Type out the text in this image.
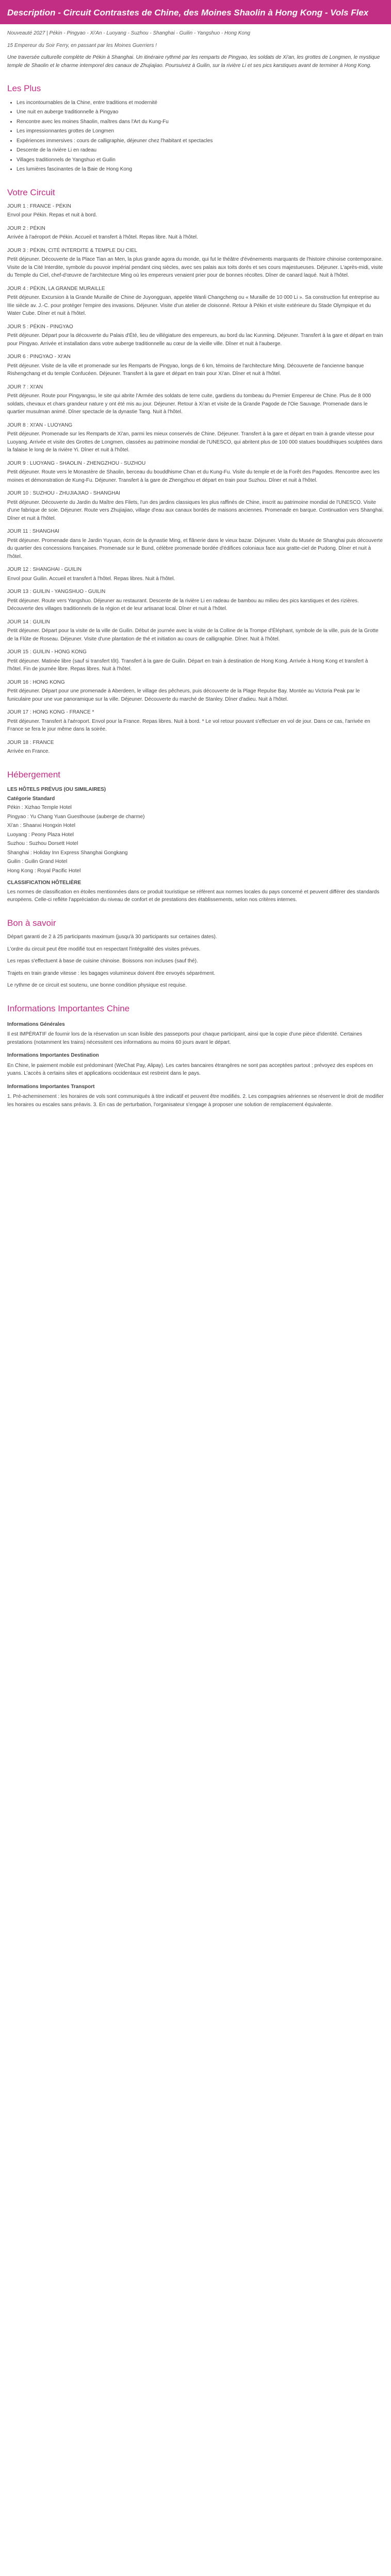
Description - Circuit Contrastes de Chine, des Moines Shaolin à Hong Kong - Vols Flex

Nouveauté 2027 | Pékin - Pingyao - Xi'An - Luoyang - Suzhou - Shanghai - Guilin - Yangshuo - Hong Kong

15 Empereur du Soir Ferry, en passant par les Moines Guerriers !

Une traversée culturelle complète de Pékin à Shanghai. Un itinéraire rythmé par les remparts de Pingyao, les soldats de Xi'an, les grottes de Longmen, le mystique temple de Shaolin et le charme intemporel des canaux de Zhujiajiao. Poursuivez à Guilin, sur la rivière Li et ses pics karstiques avant de terminer à Hong Kong.

Les Plus
• Les incontournables de la Chine, entre traditions et modernité
• Une nuit en auberge traditionnelle à Pingyao
• Rencontre avec les moines Shaolin, maîtres dans l'Art du Kung-Fu
• Les impressionnantes grottes de Longmen
• Expériences immersives : cours de calligraphie, déjeuner chez l'habitant et spectacles
• Descente de la rivière Li en radeau
• Villages traditionnels de Yangshuo et Guilin
• Les lumières fascinantes de la Baie de Hong Kong
Votre Circuit
JOUR 1 : FRANCE - PÉKIN

Envol pour Pékin. Repas et nuit à bord.

JOUR 2 : PÉKIN

Arrivée à l'aéroport de Pékin. Accueil et transfert à l'hôtel. Repas libre. Nuit à l'hôtel.

JOUR 3 : PÉKIN, CITÉ INTERDITE & TEMPLE DU CIEL

Petit déjeuner. Découverte de la Place Tian an Men, la plus grande agora du monde, qui fut le théâtre d'événements marquants de l'histoire chinoise contemporaine. Visite de la Cité Interdite, symbole du pouvoir impérial pendant cinq siècles, avec ses palais aux toits dorés et ses cours majestueuses. Déjeuner. L'après-midi, visite du Temple du Ciel, chef-d'œuvre de l'architecture Ming où les empereurs venaient prier pour de bonnes récoltes. Dîner de canard laqué. Nuit à l'hôtel.

JOUR 4 : PÉKIN, LA GRANDE MURAILLE

Petit déjeuner. Excursion à la Grande Muraille de Chine de Juyongguan, appelée Wanli Changcheng ou « Muraille de 10 000 Li ». Sa construction fut entreprise au IIIe siècle av. J.-C. pour protéger l'empire des invasions. Déjeuner. Visite d'un atelier de cloisonné. Retour à Pékin et visite extérieure du Stade Olympique et du Water Cube. Dîner et nuit à l'hôtel.

JOUR 5 : PÉKIN - PINGYAO

Petit déjeuner. Départ pour la découverte du Palais d'Été, lieu de villégiature des empereurs, au bord du lac Kunming. Déjeuner. Transfert à la gare et départ en train pour Pingyao. Arrivée et installation dans votre auberge traditionnelle au cœur de la vieille ville. Dîner et nuit à l'auberge.

JOUR 6 : PINGYAO - XI'AN

Petit déjeuner. Visite de la ville et promenade sur les Remparts de Pingyao, longs de 6 km, témoins de l'architecture Ming. Découverte de l'ancienne banque Rishengchang et du temple Confucéen. Déjeuner. Transfert à la gare et départ en train pour Xi'an. Dîner et nuit à l'hôtel.

JOUR 7 : XI'AN

Petit déjeuner. Route pour Pingyangsu, le site qui abrite l'Armée des soldats de terre cuite, gardiens du tombeau du Premier Empereur de Chine. Plus de 8 000 soldats, chevaux et chars grandeur nature y ont été mis au jour. Déjeuner. Retour à Xi'an et visite de la Grande Pagode de l'Oie Sauvage. Promenade dans le quartier musulman animé. Dîner spectacle de la dynastie Tang. Nuit à l'hôtel.

JOUR 8 : XI'AN - LUOYANG

Petit déjeuner. Promenade sur les Remparts de Xi'an, parmi les mieux conservés de Chine. Déjeuner. Transfert à la gare et départ en train à grande vitesse pour Luoyang. Arrivée et visite des Grottes de Longmen, classées au patrimoine mondial de l'UNESCO, qui abritent plus de 100 000 statues bouddhiques sculptées dans la falaise le long de la rivière Yi. Dîner et nuit à l'hôtel.

JOUR 9 : LUOYANG - SHAOLIN - ZHENGZHOU - SUZHOU

Petit déjeuner. Route vers le Monastère de Shaolin, berceau du bouddhisme Chan et du Kung-Fu. Visite du temple et de la Forêt des Pagodes. Rencontre avec les moines et démonstration de Kung-Fu. Déjeuner. Transfert à la gare de Zhengzhou et départ en train pour Suzhou. Dîner et nuit à l'hôtel.

JOUR 10 : SUZHOU - ZHUJIAJIAO - SHANGHAI

Petit déjeuner. Découverte du Jardin du Maître des Filets, l'un des jardins classiques les plus raffinés de Chine, inscrit au patrimoine mondial de l'UNESCO. Visite d'une fabrique de soie. Déjeuner. Route vers Zhujiajiao, village d'eau aux canaux bordés de maisons anciennes. Promenade en barque. Continuation vers Shanghai. Dîner et nuit à l'hôtel.

JOUR 11 : SHANGHAI

Petit déjeuner. Promenade dans le Jardin Yuyuan, écrin de la dynastie Ming, et flânerie dans le vieux bazar. Déjeuner. Visite du Musée de Shanghai puis découverte du quartier des concessions françaises. Promenade sur le Bund, célèbre promenade bordée d'édifices coloniaux face aux gratte-ciel de Pudong. Dîner et nuit à l'hôtel.

JOUR 12 : SHANGHAI - GUILIN

Envol pour Guilin. Accueil et transfert à l'hôtel. Repas libres. Nuit à l'hôtel.

JOUR 13 : GUILIN - YANGSHUO - GUILIN

Petit déjeuner. Route vers Yangshuo. Déjeuner au restaurant. Descente de la rivière Li en radeau de bambou au milieu des pics karstiques et des rizières. Découverte des villages traditionnels de la région et de leur artisanat local. Dîner et nuit à l'hôtel.

JOUR 14 : GUILIN

Petit déjeuner. Départ pour la visite de la ville de Guilin. Début de journée avec la visite de la Colline de la Trompe d'Éléphant, symbole de la ville, puis de la Grotte de la Flûte de Roseau. Déjeuner. Visite d'une plantation de thé et initiation au cours de calligraphie. Dîner. Nuit à l'hôtel.

JOUR 15 : GUILIN - HONG KONG

Petit déjeuner. Matinée libre (sauf si transfert tôt). Transfert à la gare de Guilin. Départ en train à destination de Hong Kong. Arrivée à Hong Kong et transfert à l'hôtel. Fin de journée libre. Repas libres. Nuit à l'hôtel.

JOUR 16 : HONG KONG

Petit déjeuner. Départ pour une promenade à Aberdeen, le village des pêcheurs, puis découverte de la Plage Repulse Bay. Montée au Victoria Peak par le funiculaire pour une vue panoramique sur la ville. Déjeuner. Découverte du marché de Stanley. Dîner d'adieu. Nuit à l'hôtel.

JOUR 17 : HONG KONG - FRANCE *

Petit déjeuner. Transfert à l'aéroport. Envol pour la France. Repas libres. Nuit à bord. * Le vol retour pouvant s'effectuer en vol de jour. Dans ce cas, l'arrivée en France se fera le jour même dans la soirée.

JOUR 18 : FRANCE

Arrivée en France.

Hébergement
LES HÔTELS PRÉVUS (OU SIMILAIRES)
Catégorie Standard
Pékin : Xizhao Temple Hotel
Pingyao : Yu Chang Yuan Guesthouse (auberge de charme)
Xi'an : Shaanxi Hongxin Hotel
Luoyang : Peony Plaza Hotel
Suzhou : Suzhou Dorsett Hotel
Shanghai : Holiday Inn Express Shanghai Gongkang
Guilin : Guilin Grand Hotel
Hong Kong : Royal Pacific Hotel
CLASSIFICATION HÔTELIÈRE

Les normes de classification en étoiles mentionnées dans ce produit touristique se réfèrent aux normes locales du pays concerné et peuvent différer des standards européens. Celle-ci reflète l'appréciation du niveau de confort et de prestations des établissements, selon nos critères internes.

Bon à savoir

Départ garanti de 2 à 25 participants maximum (jusqu'à 30 participants sur certaines dates).

L'ordre du circuit peut être modifié tout en respectant l'intégralité des visites prévues.

Les repas s'effectuent à base de cuisine chinoise. Boissons non incluses (sauf thé).

Trajets en train grande vitesse : les bagages volumineux doivent être envoyés séparément.

Le rythme de ce circuit est soutenu, une bonne condition physique est requise.

Informations Importantes Chine
Informations Générales

Il est IMPÉRATIF de fournir lors de la réservation un scan lisible des passeports pour chaque participant, ainsi que la copie d'une pièce d'identité. Certaines prestations (notamment les trains) nécessitent ces informations au moins 60 jours avant le départ.

Informations Importantes Destination

En Chine, le paiement mobile est prédominant (WeChat Pay, Alipay). Les cartes bancaires étrangères ne sont pas acceptées partout ; prévoyez des espèces en yuans. L'accès à certains sites et applications occidentaux est restreint dans le pays.

Informations Importantes Transport

1. Pré-acheminement : les horaires de vols sont communiqués à titre indicatif et peuvent être modifiés. 2. Les compagnies aériennes se réservent le droit de modifier les horaires ou escales sans préavis. 3. En cas de perturbation, l'organisateur s'engage à proposer une solution de remplacement équivalente.
